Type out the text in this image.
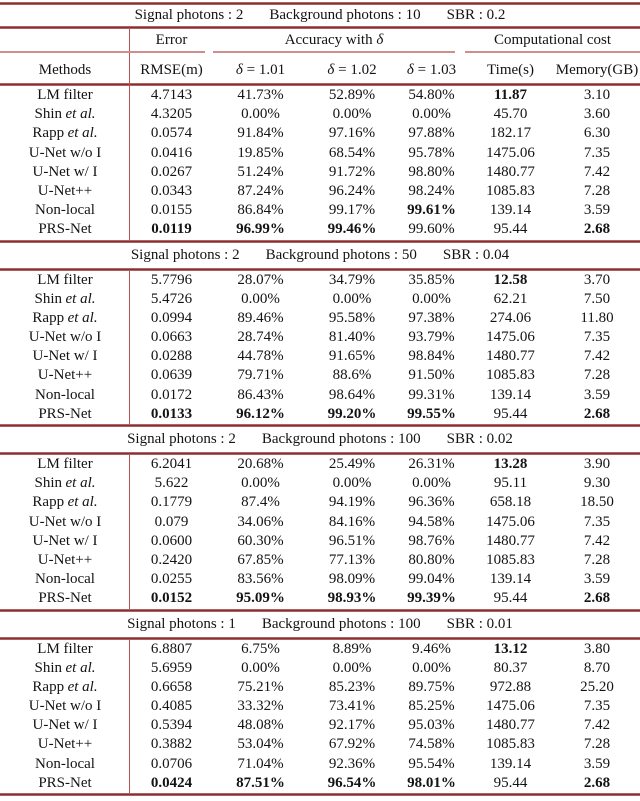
Signal photons : 2 Background photons : 10 SBR : 0.2
Error	Accuracy with δ	Computational cost
Methods	RMSE(m)	δ = 1.01	δ = 1.02	δ = 1.03	Time(s)	Memory(GB)
LM filter	4.7143	41.73%	52.89%	54.80%	11.87	3.10
Shin et al.	4.3205	0.00%	0.00%	0.00%	45.70	3.60
Rapp et al.	0.0574	91.84%	97.16%	97.88%	182.17	6.30
U-Net w/o I	0.0416	19.85%	68.54%	95.78%	1475.06	7.35
U-Net w/ I	0.0267	51.24%	91.72%	98.80%	1480.77	7.42
U-Net++	0.0343	87.24%	96.24%	98.24%	1085.83	7.28
Non-local	0.0155	86.84%	99.17%	99.61%	139.14	3.59
PRS-Net	0.0119	96.99%	99.46%	99.60%	95.44	2.68
Signal photons : 2 Background photons : 50 SBR : 0.04
LM filter	5.7796	28.07%	34.79%	35.85%	12.58	3.70
Shin et al.	5.4726	0.00%	0.00%	0.00%	62.21	7.50
Rapp et al.	0.0994	89.46%	95.58%	97.38%	274.06	11.80
U-Net w/o I	0.0663	28.74%	81.40%	93.79%	1475.06	7.35
U-Net w/ I	0.0288	44.78%	91.65%	98.84%	1480.77	7.42
U-Net++	0.0639	79.71%	88.6%	91.50%	1085.83	7.28
Non-local	0.0172	86.43%	98.64%	99.31%	139.14	3.59
PRS-Net	0.0133	96.12%	99.20%	99.55%	95.44	2.68
Signal photons : 2 Background photons : 100 SBR : 0.02
LM filter	6.2041	20.68%	25.49%	26.31%	13.28	3.90
Shin et al.	5.622	0.00%	0.00%	0.00%	95.11	9.30
Rapp et al.	0.1779	87.4%	94.19%	96.36%	658.18	18.50
U-Net w/o I	0.079	34.06%	84.16%	94.58%	1475.06	7.35
U-Net w/ I	0.0600	60.30%	96.51%	98.76%	1480.77	7.42
U-Net++	0.2420	67.85%	77.13%	80.80%	1085.83	7.28
Non-local	0.0255	83.56%	98.09%	99.04%	139.14	3.59
PRS-Net	0.0152	95.09%	98.93%	99.39%	95.44	2.68
Signal photons : 1 Background photons : 100 SBR : 0.01
LM filter	6.8807	6.75%	8.89%	9.46%	13.12	3.80
Shin et al.	5.6959	0.00%	0.00%	0.00%	80.37	8.70
Rapp et al.	0.6658	75.21%	85.23%	89.75%	972.88	25.20
U-Net w/o I	0.4085	33.32%	73.41%	85.25%	1475.06	7.35
U-Net w/ I	0.5394	48.08%	92.17%	95.03%	1480.77	7.42
U-Net++	0.3882	53.04%	67.92%	74.58%	1085.83	7.28
Non-local	0.0706	71.04%	92.36%	95.54%	139.14	3.59
PRS-Net	0.0424	87.51%	96.54%	98.01%	95.44	2.68
